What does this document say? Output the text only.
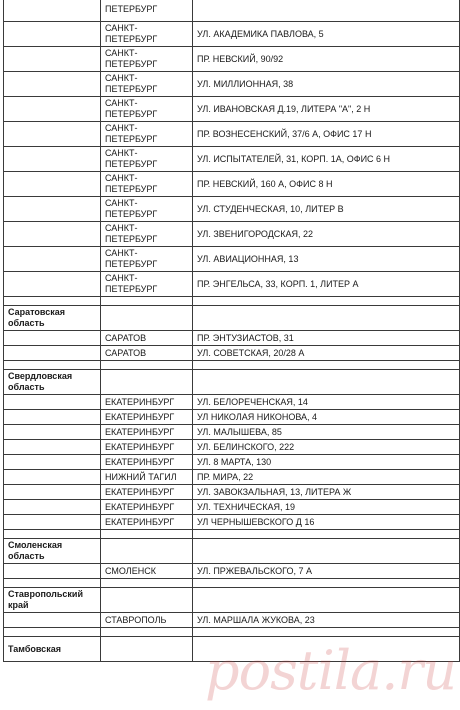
	ПЕТЕРБУРГ	
	САНКТ-ПЕТЕРБУРГ	УЛ. АКАДЕМИКА ПАВЛОВА, 5
	САНКТ-ПЕТЕРБУРГ	ПР. НЕВСКИЙ, 90/92
	САНКТ-ПЕТЕРБУРГ	УЛ. МИЛЛИОННАЯ, 38
	САНКТ-ПЕТЕРБУРГ	УЛ. ИВАНОВСКАЯ Д.19, ЛИТЕРА "А", 2 Н
	САНКТ-ПЕТЕРБУРГ	ПР. ВОЗНЕСЕНСКИЙ, 37/6 А, ОФИС 17 Н
	САНКТ-ПЕТЕРБУРГ	УЛ. ИСПЫТАТЕЛЕЙ, 31, КОРП. 1А, ОФИС 6 Н
	САНКТ-ПЕТЕРБУРГ	ПР. НЕВСКИЙ, 160 А, ОФИС 8 Н
	САНКТ-ПЕТЕРБУРГ	УЛ. СТУДЕНЧЕСКАЯ, 10, ЛИТЕР В
	САНКТ-ПЕТЕРБУРГ	УЛ. ЗВЕНИГОРОДСКАЯ, 22
	САНКТ-ПЕТЕРБУРГ	УЛ. АВИАЦИОННАЯ, 13
	САНКТ-ПЕТЕРБУРГ	ПР. ЭНГЕЛЬСА, 33, КОРП. 1, ЛИТЕР А

Саратовская область		
	САРАТОВ	ПР. ЭНТУЗИАСТОВ, 31
	САРАТОВ	УЛ. СОВЕТСКАЯ, 20/28 А

Свердловская область		
	ЕКАТЕРИНБУРГ	УЛ. БЕЛОРЕЧЕНСКАЯ, 14
	ЕКАТЕРИНБУРГ	УЛ НИКОЛАЯ НИКОНОВА, 4
	ЕКАТЕРИНБУРГ	УЛ. МАЛЫШЕВА, 85
	ЕКАТЕРИНБУРГ	УЛ. БЕЛИНСКОГО, 222
	ЕКАТЕРИНБУРГ	УЛ. 8 МАРТА, 130
	НИЖНИЙ ТАГИЛ	ПР. МИРА, 22
	ЕКАТЕРИНБУРГ	УЛ. ЗАВОКЗАЛЬНАЯ, 13, ЛИТЕРА Ж
	ЕКАТЕРИНБУРГ	УЛ. ТЕХНИЧЕСКАЯ, 19
	ЕКАТЕРИНБУРГ	УЛ ЧЕРНЫШЕВСКОГО Д 16

Смоленская область		
	СМОЛЕНСК	УЛ. ПРЖЕВАЛЬСКОГО, 7 А

Ставропольский край		
	СТАВРОПОЛЬ	УЛ. МАРШАЛА ЖУКОВА, 23

Тамбовская			postila.ru
